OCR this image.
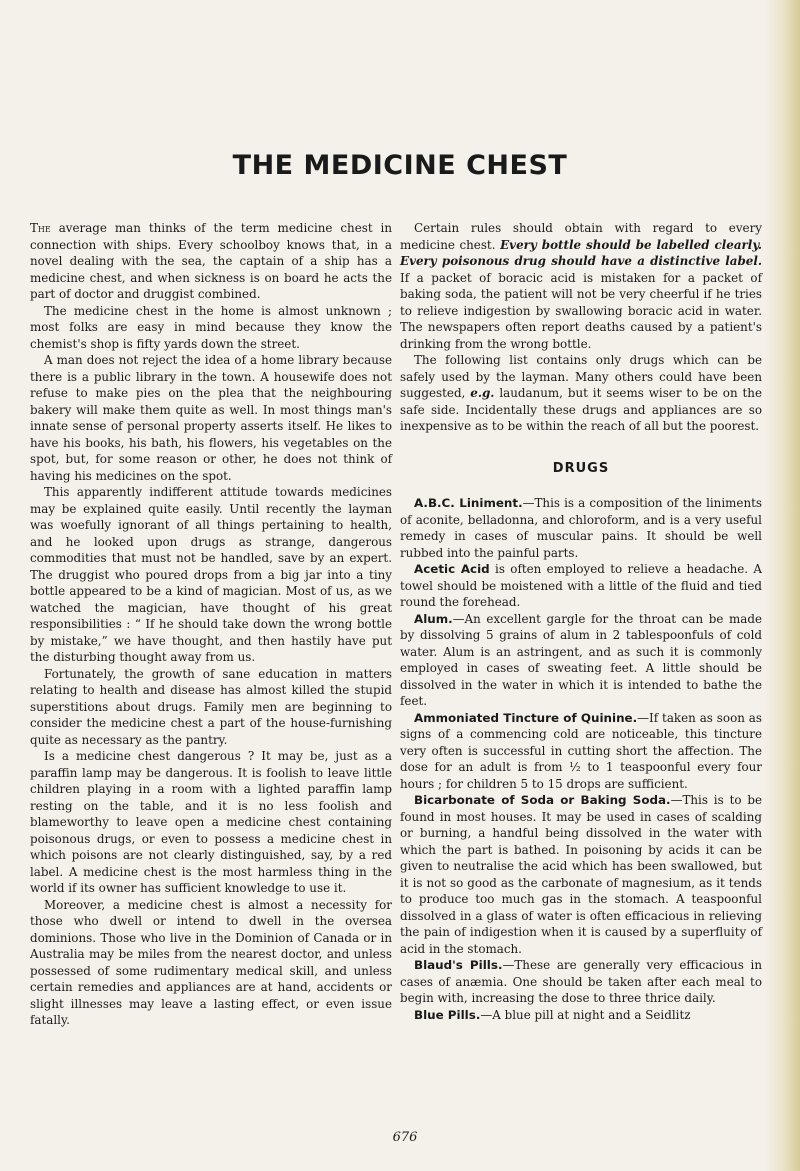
THE MEDICINE CHEST

The average man thinks of the term medicine chest in connection with ships. Every schoolboy knows that, in a novel dealing with the sea, the captain of a ship has a medicine chest, and when sickness is on board he acts the part of doctor and druggist combined.

The medicine chest in the home is almost unknown ; most folks are easy in mind because they know the chemist's shop is fifty yards down the street.

A man does not reject the idea of a home library because there is a public library in the town. A housewife does not refuse to make pies on the plea that the neighbouring bakery will make them quite as well. In most things man's innate sense of personal property asserts itself. He likes to have his books, his bath, his flowers, his vegetables on the spot, but, for some reason or other, he does not think of having his medicines on the spot.

This apparently indifferent attitude towards medicines may be explained quite easily. Until recently the layman was woefully ignorant of all things pertaining to health, and he looked upon drugs as strange, dangerous commodities that must not be handled, save by an expert. The druggist who poured drops from a big jar into a tiny bottle appeared to be a kind of magician. Most of us, as we watched the magician, have thought of his great responsibilities : “ If he should take down the wrong bottle by mistake,” we have thought, and then hastily have put the disturbing thought away from us.

Fortunately, the growth of sane education in matters relating to health and disease has almost killed the stupid superstitions about drugs. Family men are beginning to consider the medicine chest a part of the house-furnishing quite as necessary as the pantry.

Is a medicine chest dangerous ? It may be, just as a paraffin lamp may be dangerous. It is foolish to leave little children playing in a room with a lighted paraffin lamp resting on the table, and it is no less foolish and blameworthy to leave open a medicine chest containing poisonous drugs, or even to possess a medicine chest in which poisons are not clearly distinguished, say, by a red label. A medicine chest is the most harmless thing in the world if its owner has sufficient knowledge to use it.

Moreover, a medicine chest is almost a necessity for those who dwell or intend to dwell in the oversea dominions. Those who live in the Dominion of Canada or in Australia may be miles from the nearest doctor, and unless possessed of some rudimentary medical skill, and unless certain remedies and appliances are at hand, accidents or slight illnesses may leave a lasting effect, or even issue fatally.

Certain rules should obtain with regard to every medicine chest. Every bottle should be labelled clearly. Every poisonous drug should have a distinctive label. If a packet of boracic acid is mistaken for a packet of baking soda, the patient will not be very cheerful if he tries to relieve indigestion by swallowing boracic acid in water. The newspapers often report deaths caused by a patient's drinking from the wrong bottle.

The following list contains only drugs which can be safely used by the layman. Many others could have been suggested, e.g. laudanum, but it seems wiser to be on the safe side. Incidentally these drugs and appliances are so inexpensive as to be within the reach of all but the poorest.

DRUGS

A.B.C. Liniment.—This is a composition of the liniments of aconite, belladonna, and chloroform, and is a very useful remedy in cases of muscular pains. It should be well rubbed into the painful parts.

Acetic Acid is often employed to relieve a headache. A towel should be moistened with a little of the fluid and tied round the forehead.

Alum.—An excellent gargle for the throat can be made by dissolving 5 grains of alum in 2 tablespoonfuls of cold water. Alum is an astringent, and as such it is commonly employed in cases of sweating feet. A little should be dissolved in the water in which it is intended to bathe the feet.

Ammoniated Tincture of Quinine.—If taken as soon as signs of a commencing cold are noticeable, this tincture very often is successful in cutting short the affection. The dose for an adult is from ½ to 1 teaspoonful every four hours ; for children 5 to 15 drops are sufficient.

Bicarbonate of Soda or Baking Soda.—This is to be found in most houses. It may be used in cases of scalding or burning, a handful being dissolved in the water with which the part is bathed. In poisoning by acids it can be given to neutralise the acid which has been swallowed, but it is not so good as the carbonate of magnesium, as it tends to produce too much gas in the stomach. A teaspoonful dissolved in a glass of water is often efficacious in relieving the pain of indigestion when it is caused by a superfluity of acid in the stomach.

Blaud's Pills.—These are generally very efficacious in cases of anæmia. One should be taken after each meal to begin with, increasing the dose to three thrice daily.

Blue Pills.—A blue pill at night and a Seidlitz

676
